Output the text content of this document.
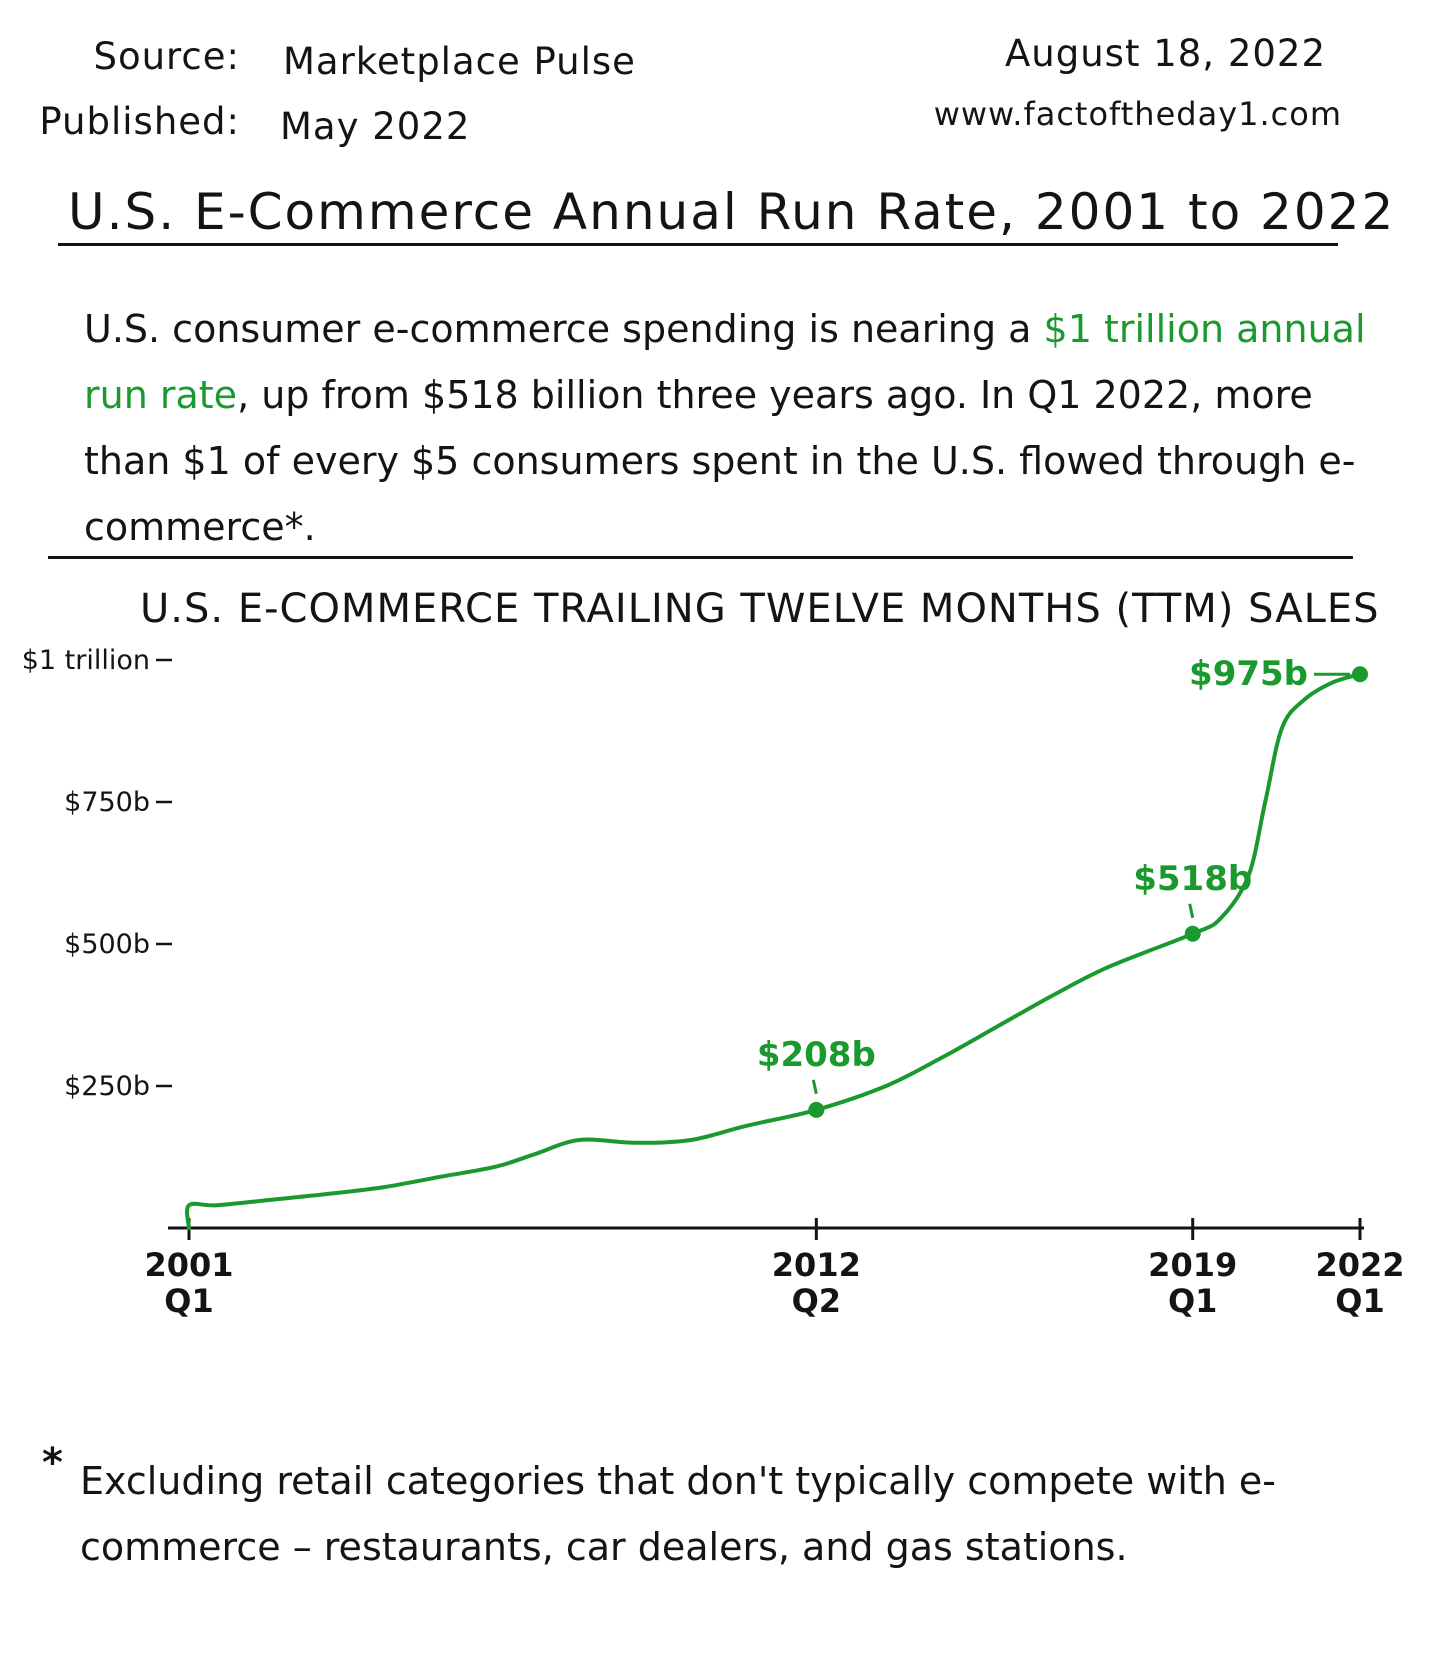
Source: Marketplace Pulse
Published: May 2022
August 18, 2022
www.factoftheday1.com
U.S. E-Commerce Annual Run Rate, 2001 to 2022
U.S. consumer e-commerce spending is nearing a $1 trillion annual run rate, up from $518 billion three years ago. In Q1 2022, more than $1 of every $5 consumers spent in the U.S. flowed through e-commerce*.
U.S. E-COMMERCE TRAILING TWELVE MONTHS (TTM) SALES
$250b
$500b
$750b
$1 trillion
2001
Q1
2012
Q2
2019
Q1
2022
Q1
$208b
$518b
$975b
* Excluding retail categories that don't typically compete with e-commerce – restaurants, car dealers, and gas stations.
